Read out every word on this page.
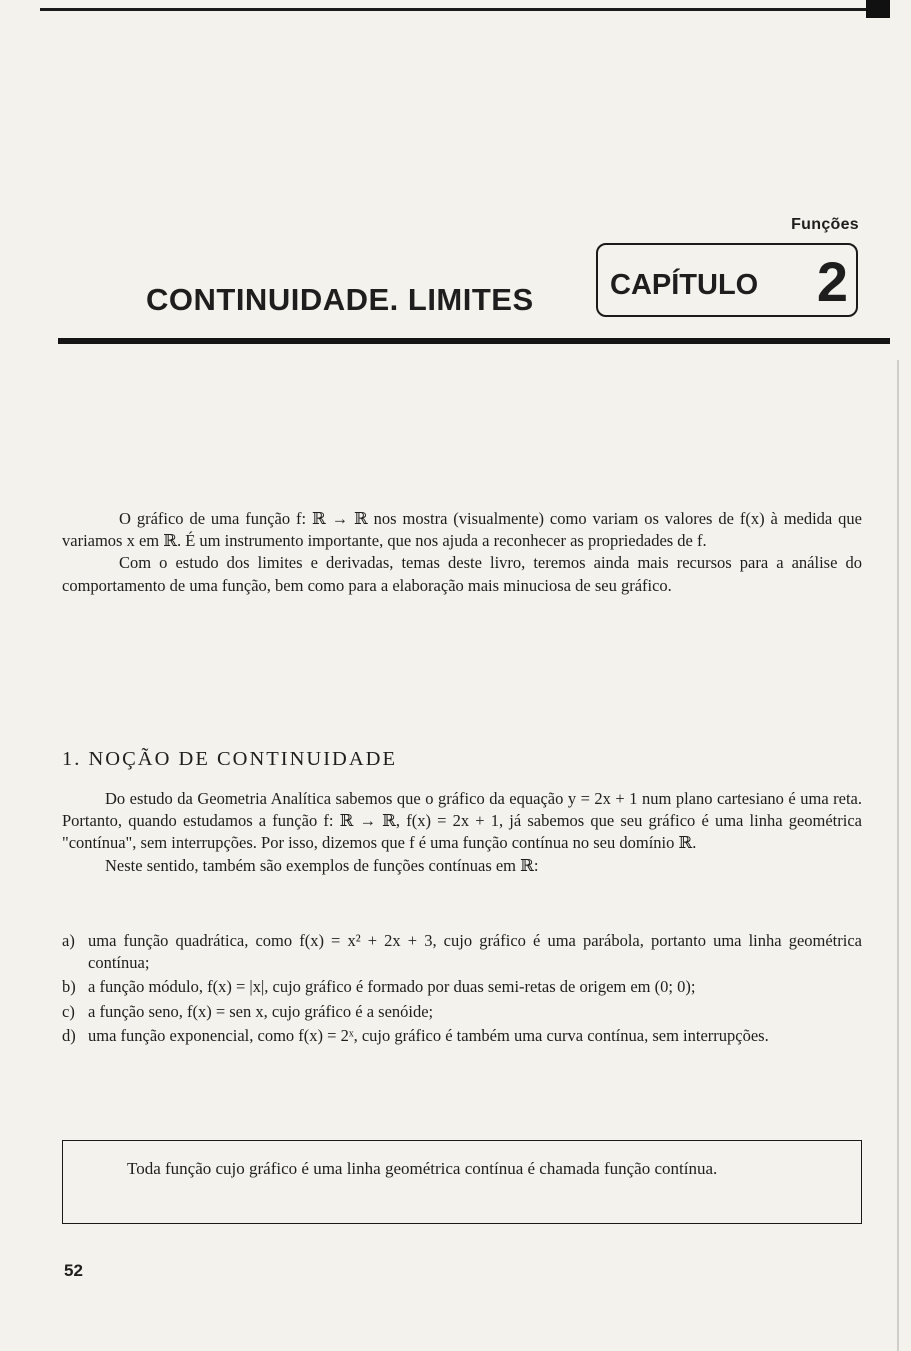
Funções
CONTINUIDADE. LIMITES	CAPÍTULO 2

O gráfico de uma função f: ℝ → ℝ nos mostra (visualmente) como variam os valores de f(x) à medida que variamos x em ℝ. É um instrumento importante, que nos ajuda a reconhecer as propriedades de f.

Com o estudo dos limites e derivadas, temas deste livro, teremos ainda mais recursos para a análise do comportamento de uma função, bem como para a elaboração mais minuciosa de seu gráfico.

1. NOÇÃO DE CONTINUIDADE

Do estudo da Geometria Analítica sabemos que o gráfico da equação y = 2x + 1 num plano cartesiano é uma reta. Portanto, quando estudamos a função f: ℝ → ℝ, f(x) = 2x + 1, já sabemos que seu gráfico é uma linha geométrica "contínua", sem interrupções. Por isso, dizemos que f é uma função contínua no seu domínio ℝ.

Neste sentido, também são exemplos de funções contínuas em ℝ:

a) uma função quadrática, como f(x) = x² + 2x + 3, cujo gráfico é uma parábola, portanto uma linha geométrica contínua;
b) a função módulo, f(x) = |x|, cujo gráfico é formado por duas semi-retas de origem em (0; 0);
c) a função seno, f(x) = sen x, cujo gráfico é a senóide;
d) uma função exponencial, como f(x) = 2ˣ, cujo gráfico é também uma curva contínua, sem interrupções.
Toda função cujo gráfico é uma linha geométrica contínua é chamada função contínua.
52
